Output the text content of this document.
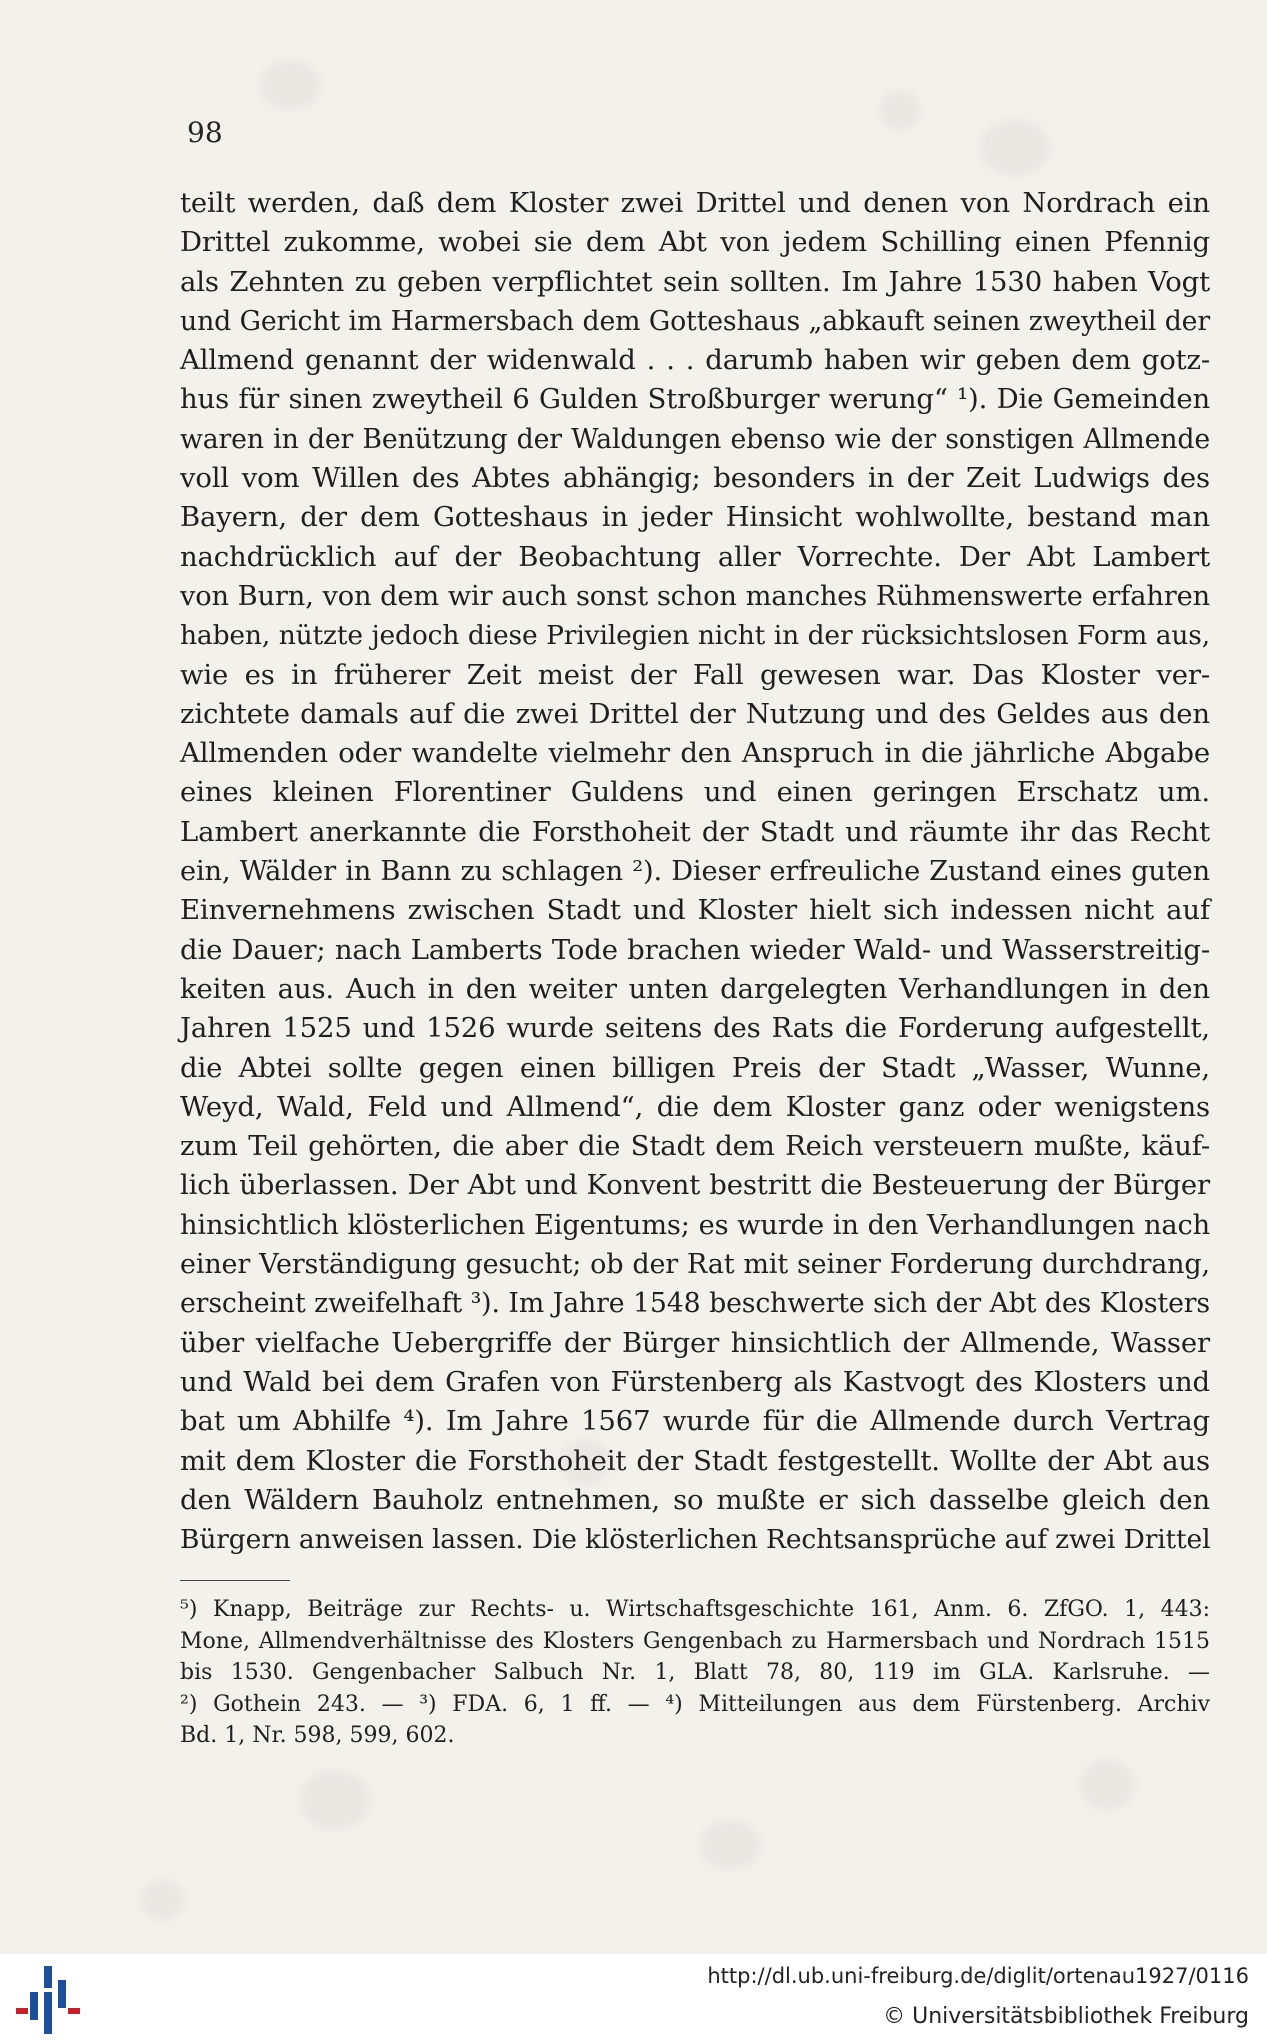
98
teilt werden, daß dem Kloster zwei Drittel und denen von Nordrach ein
Drittel zukomme, wobei sie dem Abt von jedem Schilling einen Pfennig
als Zehnten zu geben verpflichtet sein sollten. Im Jahre 1530 haben Vogt
und Gericht im Harmersbach dem Gotteshaus „abkauft seinen zweytheil der
Allmend genannt der widenwald . . . darumb haben wir geben dem gotz-
hus für sinen zweytheil 6 Gulden Stroßburger werung“ ¹). Die Gemeinden
waren in der Benützung der Waldungen ebenso wie der sonstigen Allmende
voll vom Willen des Abtes abhängig; besonders in der Zeit Ludwigs des
Bayern, der dem Gotteshaus in jeder Hinsicht wohlwollte, bestand man
nachdrücklich auf der Beobachtung aller Vorrechte. Der Abt Lambert
von Burn, von dem wir auch sonst schon manches Rühmenswerte erfahren
haben, nützte jedoch diese Privilegien nicht in der rücksichtslosen Form aus,
wie es in früherer Zeit meist der Fall gewesen war. Das Kloster ver-
zichtete damals auf die zwei Drittel der Nutzung und des Geldes aus den
Allmenden oder wandelte vielmehr den Anspruch in die jährliche Abgabe
eines kleinen Florentiner Guldens und einen geringen Erschatz um.
Lambert anerkannte die Forsthoheit der Stadt und räumte ihr das Recht
ein, Wälder in Bann zu schlagen ²). Dieser erfreuliche Zustand eines guten
Einvernehmens zwischen Stadt und Kloster hielt sich indessen nicht auf
die Dauer; nach Lamberts Tode brachen wieder Wald- und Wasserstreitig-
keiten aus. Auch in den weiter unten dargelegten Verhandlungen in den
Jahren 1525 und 1526 wurde seitens des Rats die Forderung aufgestellt,
die Abtei sollte gegen einen billigen Preis der Stadt „Wasser, Wunne,
Weyd, Wald, Feld und Allmend“, die dem Kloster ganz oder wenigstens
zum Teil gehörten, die aber die Stadt dem Reich versteuern mußte, käuf-
lich überlassen. Der Abt und Konvent bestritt die Besteuerung der Bürger
hinsichtlich klösterlichen Eigentums; es wurde in den Verhandlungen nach
einer Verständigung gesucht; ob der Rat mit seiner Forderung durchdrang,
erscheint zweifelhaft ³). Im Jahre 1548 beschwerte sich der Abt des Klosters
über vielfache Uebergriffe der Bürger hinsichtlich der Allmende, Wasser
und Wald bei dem Grafen von Fürstenberg als Kastvogt des Klosters und
bat um Abhilfe ⁴). Im Jahre 1567 wurde für die Allmende durch Vertrag
mit dem Kloster die Forsthoheit der Stadt festgestellt. Wollte der Abt aus
den Wäldern Bauholz entnehmen, so mußte er sich dasselbe gleich den
Bürgern anweisen lassen. Die klösterlichen Rechtsansprüche auf zwei Drittel
⁵) Knapp, Beiträge zur Rechts- u. Wirtschaftsgeschichte 161, Anm. 6. ZfGO. 1, 443:
Mone, Allmendverhältnisse des Klosters Gengenbach zu Harmersbach und Nordrach 1515
bis 1530. Gengenbacher Salbuch Nr. 1, Blatt 78, 80, 119 im GLA. Karlsruhe. —
²) Gothein 243. — ³) FDA. 6, 1 ff. — ⁴) Mitteilungen aus dem Fürstenberg. Archiv
Bd. 1, Nr. 598, 599, 602.
http://dl.ub.uni-freiburg.de/diglit/ortenau1927/0116
© Universitätsbibliothek Freiburg
